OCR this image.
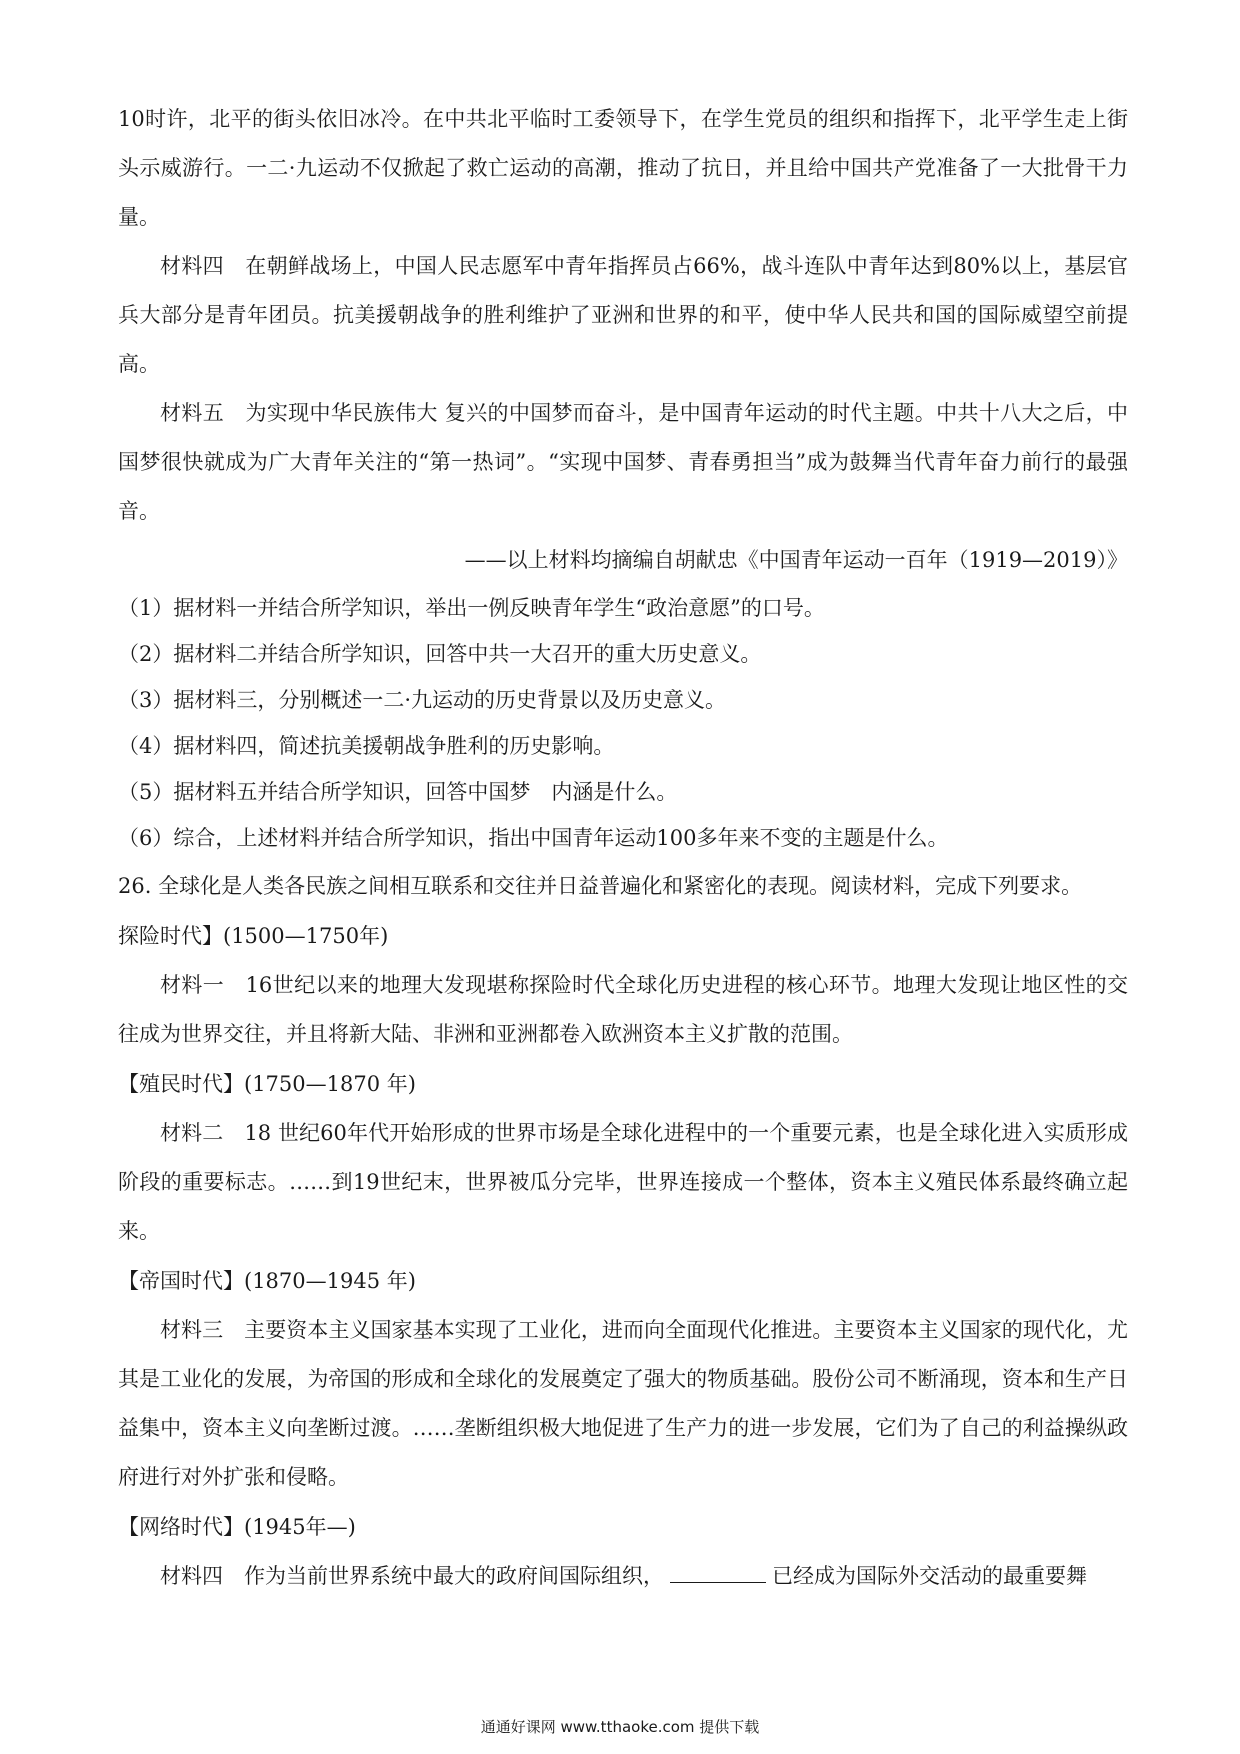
10时许，北平的街头依旧冰冷。在中共北平临时工委领导下，在学生党员的组织和指挥下，北平学生走上街头示威游行。一二·九运动不仅掀起了救亡运动的高潮，推动了抗日，并且给中国共产党准备了一大批骨干力量。

材料四　在朝鲜战场上，中国人民志愿军中青年指挥员占66%，战斗连队中青年达到80%以上，基层官兵大部分是青年团员。抗美援朝战争的胜利维护了亚洲和世界的和平，使中华人民共和国的国际威望空前提高。

材料五　为实现中华民族伟大 复兴的中国梦而奋斗，是中国青年运动的时代主题。中共十八大之后，中国梦很快就成为广大青年关注的“第一热词”。“实现中国梦、青春勇担当”成为鼓舞当代青年奋力前行的最强音。

——以上材料均摘编自胡献忠《中国青年运动一百年（1919—2019）》

（1）据材料一并结合所学知识，举出一例反映青年学生“政治意愿”的口号。

（2）据材料二并结合所学知识，回答中共一大召开的重大历史意义。

（3）据材料三，分别概述一二·九运动的历史背景以及历史意义。

（4）据材料四，简述抗美援朝战争胜利的历史影响。

（5）据材料五并结合所学知识，回答中国梦　内涵是什么。

（6）综合，上述材料并结合所学知识，指出中国青年运动100多年来不变的主题是什么。

26. 全球化是人类各民族之间相互联系和交往并日益普遍化和紧密化的表现。阅读材料，完成下列要求。

探险时代】(1500—1750年)

材料一　16世纪以来的地理大发现堪称探险时代全球化历史进程的核心环节。地理大发现让地区性的交往成为世界交往，并且将新大陆、非洲和亚洲都卷入欧洲资本主义扩散的范围。

【殖民时代】(1750—1870 年)

材料二　18 世纪60年代开始形成的世界市场是全球化进程中的一个重要元素，也是全球化进入实质形成阶段的重要标志。……到19世纪末，世界被瓜分完毕，世界连接成一个整体，资本主义殖民体系最终确立起来。

【帝国时代】(1870—1945 年)

材料三　主要资本主义国家基本实现了工业化，进而向全面现代化推进。主要资本主义国家的现代化，尤其是工业化的发展，为帝国的形成和全球化的发展奠定了强大的物质基础。股份公司不断涌现，资本和生产日益集中，资本主义向垄断过渡。……垄断组织极大地促进了生产力的进一步发展，它们为了自己的利益操纵政府进行对外扩张和侵略。

【网络时代】(1945年—)

材料四　作为当前世界系统中最大的政府间国际组织，	已经成为国际外交活动的最重要舞

通通好课网 www.tthaoke.com 提供下载
